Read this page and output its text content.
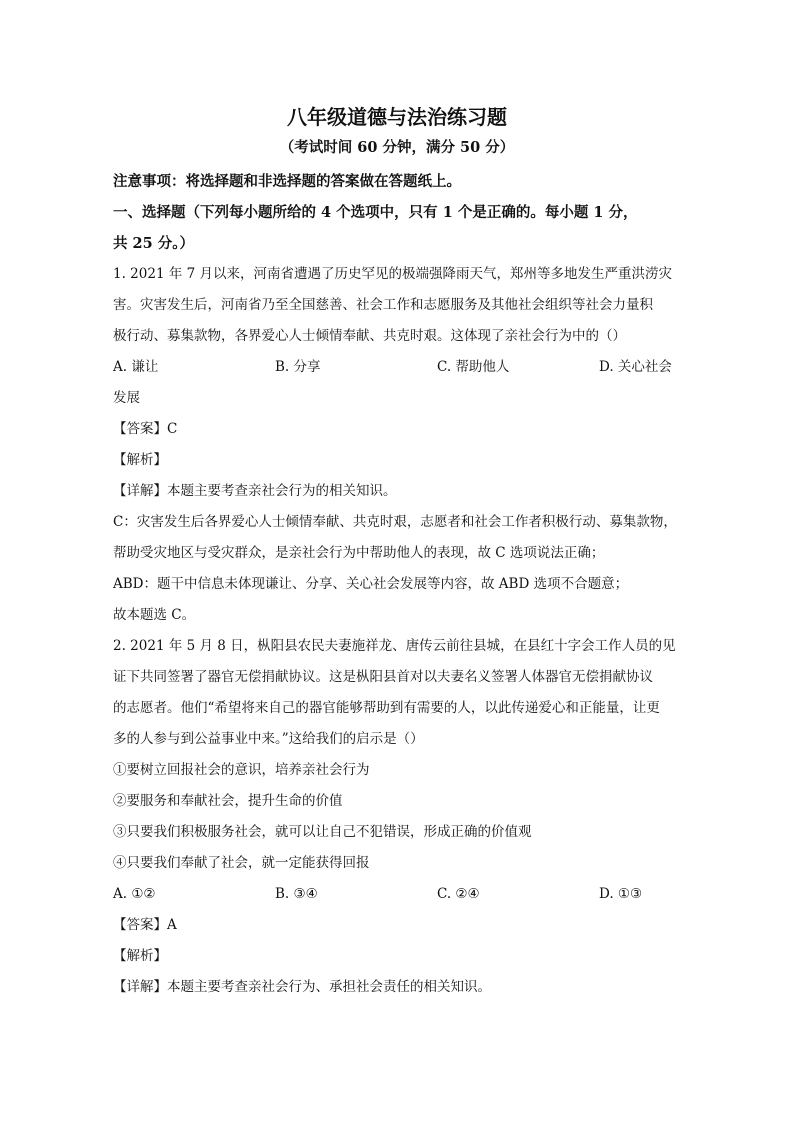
八年级道德与法治练习题

（考试时间 60 分钟，满分 50 分）

注意事项：将选择题和非选择题的答案做在答题纸上。

一、选择题（下列每小题所给的 4 个选项中，只有 1 个是正确的。每小题 1 分，

共 25 分。）

1. 2021 年 7 月以来，河南省遭遇了历史罕见的极端强降雨天气，郑州等多地发生严重洪涝灾

害。灾害发生后，河南省乃至全国慈善、社会工作和志愿服务及其他社会组织等社会力量积

极行动、募集款物，各界爱心人士倾情奉献、共克时艰。这体现了亲社会行为中的（）

A. 谦让	B. 分享	C. 帮助他人	D. 关心社会

发展

【答案】C

【解析】

【详解】本题主要考查亲社会行为的相关知识。

C：灾害发生后各界爱心人士倾情奉献、共克时艰，志愿者和社会工作者积极行动、募集款物，

帮助受灾地区与受灾群众，是亲社会行为中帮助他人的表现，故 C 选项说法正确；

ABD：题干中信息未体现谦让、分享、关心社会发展等内容，故 ABD 选项不合题意；

故本题选 C。

2. 2021 年 5 月 8 日，枞阳县农民夫妻施祥龙、唐传云前往县城，在县红十字会工作人员的见

证下共同签署了器官无偿捐献协议。这是枞阳县首对以夫妻名义签署人体器官无偿捐献协议

的志愿者。他们“希望将来自己的器官能够帮助到有需要的人，以此传递爱心和正能量，让更

多的人参与到公益事业中来。”这给我们的启示是（）

①要树立回报社会的意识，培养亲社会行为

②要服务和奉献社会，提升生命的价值

③只要我们积极服务社会，就可以让自己不犯错误，形成正确的价值观

④只要我们奉献了社会，就一定能获得回报

A. ①②	B. ③④	C. ②④	D. ①③

【答案】A

【解析】

【详解】本题主要考查亲社会行为、承担社会责任的相关知识。
